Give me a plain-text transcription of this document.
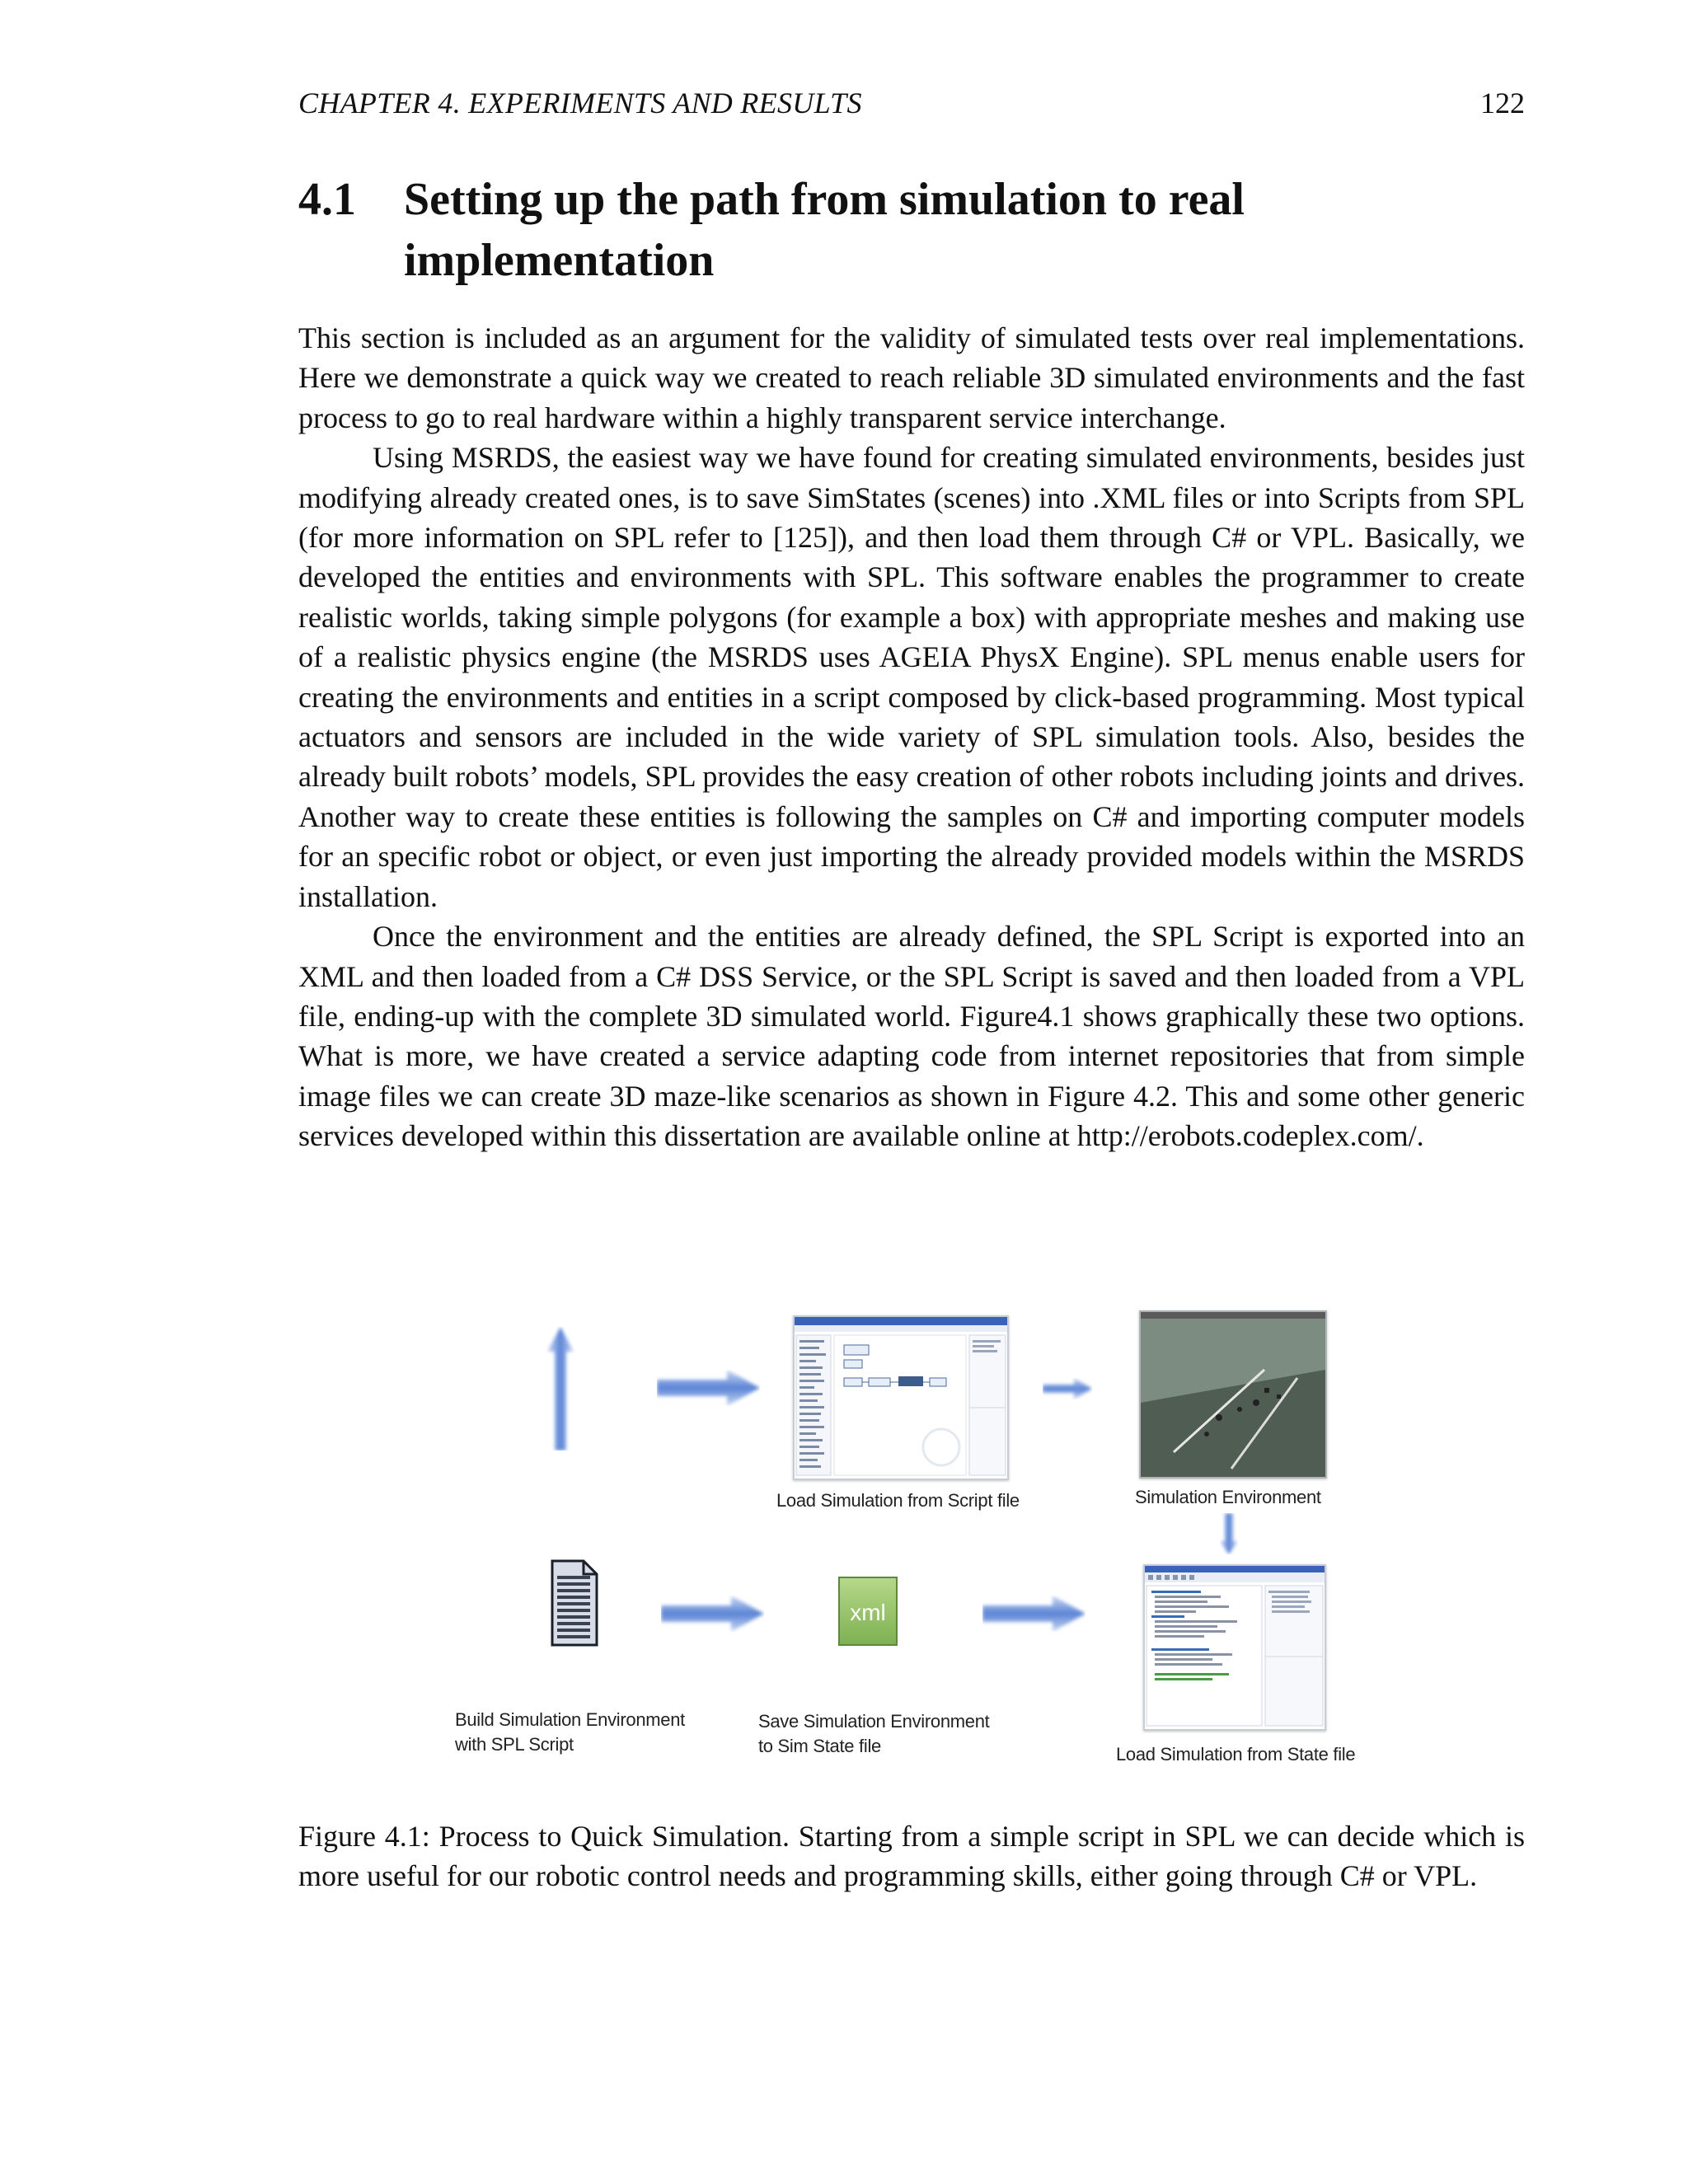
CHAPTER 4. EXPERIMENTS AND RESULTS	122
4.1 Setting up the path from simulation to real implementation

This section is included as an argument for the validity of simulated tests over real implementations. Here we demonstrate a quick way we created to reach reliable 3D simulated environments and the fast process to go to real hardware within a highly transparent service interchange.

Using MSRDS, the easiest way we have found for creating simulated environments, besides just modifying already created ones, is to save SimStates (scenes) into .XML files or into Scripts from SPL (for more information on SPL refer to [125]), and then load them through C# or VPL. Basically, we developed the entities and environments with SPL. This software enables the programmer to create realistic worlds, taking simple polygons (for example a box) with appropriate meshes and making use of a realistic physics engine (the MSRDS uses AGEIA PhysX Engine). SPL menus enable users for creating the environments and entities in a script composed by click-based programming. Most typical actuators and sensors are included in the wide variety of SPL simulation tools. Also, besides the already built robots’ models, SPL provides the easy creation of other robots including joints and drives. Another way to create these entities is following the samples on C# and importing computer models for an specific robot or object, or even just importing the already provided models within the MSRDS installation.

Once the environment and the entities are already defined, the SPL Script is exported into an XML and then loaded from a C# DSS Service, or the SPL Script is saved and then loaded from a VPL file, ending-up with the complete 3D simulated world. Figure4.1 shows graphically these two options. What is more, we have created a service adapting code from internet repositories that from simple image files we can create 3D maze-like scenarios as shown in Figure 4.2. This and some other generic services developed within this dissertation are available online at http://erobots.codeplex.com/.

Load Simulation from Script file	Simulation Environment
xml
Build Simulation Environment
with SPL Script
Save Simulation Environment
to Sim State file	Load Simulation from State file
Figure 4.1: Process to Quick Simulation. Starting from a simple script in SPL we can decide which is more useful for our robotic control needs and programming skills, either going through C# or VPL.
